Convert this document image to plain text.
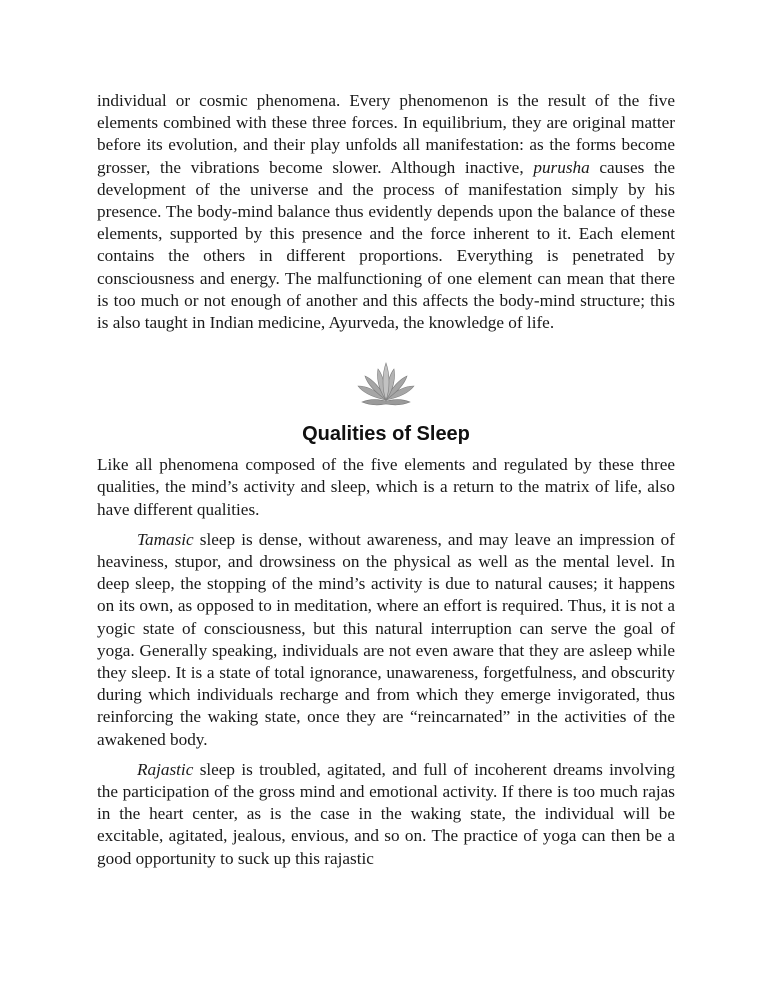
individual or cosmic phenomena. Every phenomenon is the result of the five elements combined with these three forces. In equilibrium, they are original matter before its evolution, and their play unfolds all manifestation: as the forms become grosser, the vibrations become slower. Although inactive, purusha causes the development of the universe and the process of manifestation simply by his presence. The body-mind balance thus evidently depends upon the balance of these elements, supported by this presence and the force inherent to it. Each element contains the others in different proportions. Everything is penetrated by consciousness and energy. The malfunctioning of one element can mean that there is too much or not enough of another and this affects the body-mind structure; this is also taught in Indian medicine, Ayurveda, the knowledge of life.

Qualities of Sleep

Like all phenomena composed of the five elements and regulated by these three qualities, the mind’s activity and sleep, which is a return to the matrix of life, also have different qualities.

Tamasic sleep is dense, without awareness, and may leave an impression of heaviness, stupor, and drowsiness on the physical as well as the mental level. In deep sleep, the stopping of the mind’s activity is due to natural causes; it happens on its own, as opposed to in meditation, where an effort is required. Thus, it is not a yogic state of consciousness, but this natural interruption can serve the goal of yoga. Generally speaking, individuals are not even aware that they are asleep while they sleep. It is a state of total ignorance, unawareness, forgetfulness, and obscurity during which individuals recharge and from which they emerge invigorated, thus reinforcing the waking state, once they are “reincarnated” in the activities of the awakened body.

Rajastic sleep is troubled, agitated, and full of incoherent dreams involving the participation of the gross mind and emotional activity. If there is too much rajas in the heart center, as is the case in the waking state, the individual will be excitable, agitated, jealous, envious, and so on. The practice of yoga can then be a good opportunity to suck up this rajastic
